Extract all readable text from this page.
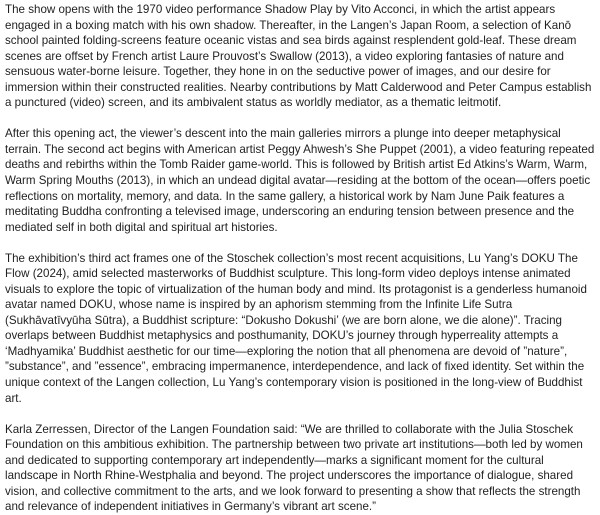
The show opens with the 1970 video performance Shadow Play by Vito Acconci, in which the artist appears engaged in a boxing match with his own shadow. Thereafter, in the Langen’s Japan Room, a selection of Kanō school painted folding-screens feature oceanic vistas and sea birds against resplendent gold-leaf. These dream scenes are offset by French artist Laure Prouvost’s Swallow (2013), a video exploring fantasies of nature and sensuous water-borne leisure. Together, they hone in on the seductive power of images, and our desire for immersion within their constructed realities. Nearby contributions by Matt Calderwood and Peter Campus establish a punctured (video) screen, and its ambivalent status as worldly mediator, as a thematic leitmotif.

After this opening act, the viewer’s descent into the main galleries mirrors a plunge into deeper metaphysical terrain. The second act begins with American artist Peggy Ahwesh’s She Puppet (2001), a video featuring repeated deaths and rebirths within the Tomb Raider game-world. This is followed by British artist Ed Atkins’s Warm, Warm, Warm Spring Mouths (2013), in which an undead digital avatar—residing at the bottom of the ocean—offers poetic reflections on mortality, memory, and data. In the same gallery, a historical work by Nam June Paik features a meditating Buddha confronting a televised image, underscoring an enduring tension between presence and the mediated self in both digital and spiritual art histories.

The exhibition’s third act frames one of the Stoschek collection’s most recent acquisitions, Lu Yang’s DOKU The Flow (2024), amid selected masterworks of Buddhist sculpture. This long-form video deploys intense animated visuals to explore the topic of virtualization of the human body and mind. Its protagonist is a genderless humanoid avatar named DOKU, whose name is inspired by an aphorism stemming from the Infinite Life Sutra (Sukhāvatīvyūha Sūtra), a Buddhist scripture: “Dokusho Dokushi’ (we are born alone, we die alone)”. Tracing overlaps between Buddhist metaphysics and posthumanity, DOKU’s journey through hyperreality attempts a ‘Madhyamika’ Buddhist aesthetic for our time—exploring the notion that all phenomena are devoid of ”nature”, ”substance”, and ”essence”, embracing impermanence, interdependence, and lack of fixed identity. Set within the unique context of the Langen collection, Lu Yang’s contemporary vision is positioned in the long-view of Buddhist art.

Karla Zerressen, Director of the Langen Foundation said: “We are thrilled to collaborate with the Julia Stoschek Foundation on this ambitious exhibition. The partnership between two private art institutions—both led by women and dedicated to supporting contemporary art independently—marks a significant moment for the cultural landscape in North Rhine-Westphalia and beyond. The project underscores the importance of dialogue, shared vision, and collective commitment to the arts, and we look forward to presenting a show that reflects the strength and relevance of independent initiatives in Germany’s vibrant art scene.”
